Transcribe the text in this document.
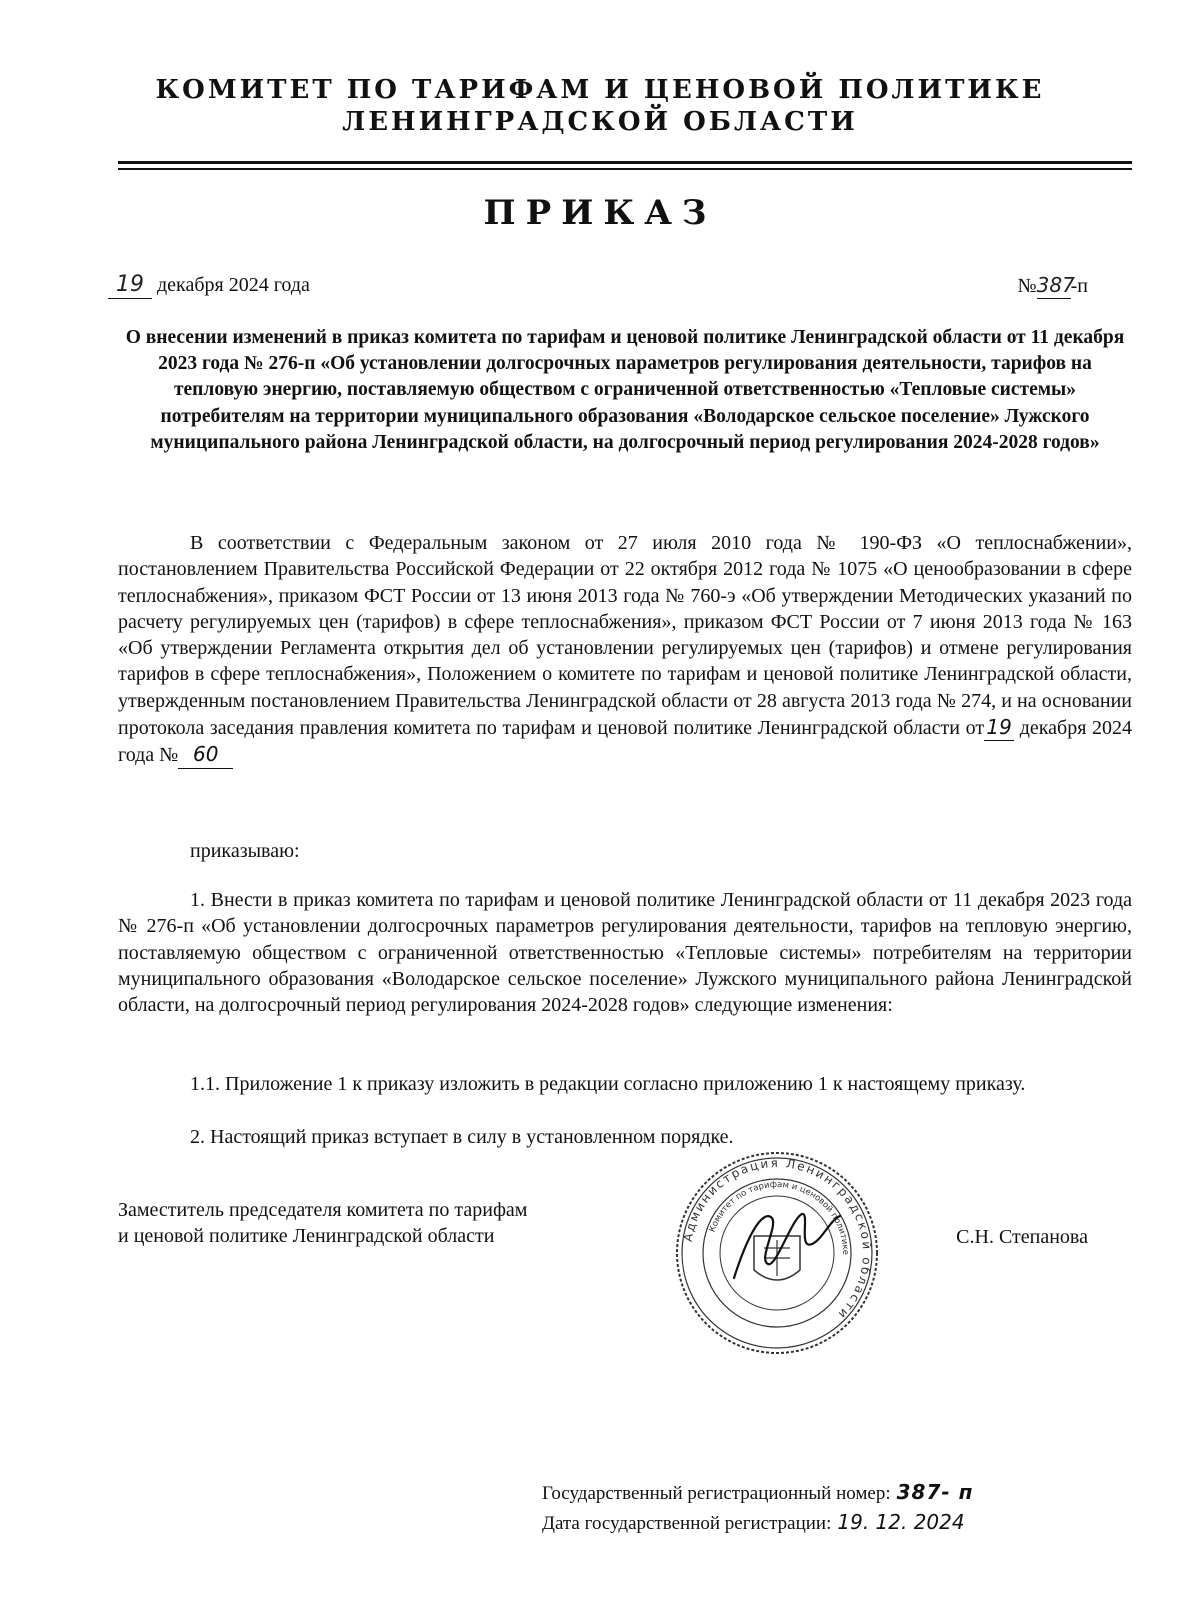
КОМИТЕТ ПО ТАРИФАМ И ЦЕНОВОЙ ПОЛИТИКЕ
ЛЕНИНГРАДСКОЙ ОБЛАСТИ
ПРИКАЗ
19 декабря 2024 года	№387-п
О внесении изменений в приказ комитета по тарифам и ценовой политике Ленинградской области от 11 декабря 2023 года № 276-п «Об установлении долгосрочных параметров регулирования деятельности, тарифов на тепловую энергию, поставляемую обществом с ограниченной ответственностью «Тепловые системы» потребителям на территории муниципального образования «Володарское сельское поселение» Лужского муниципального района Ленинградской области, на долгосрочный период регулирования 2024-2028 годов»
В соответствии с Федеральным законом от 27 июля 2010 года № 190-ФЗ «О теплоснабжении», постановлением Правительства Российской Федерации от 22 октября 2012 года № 1075 «О ценообразовании в сфере теплоснабжения», приказом ФСТ России от 13 июня 2013 года № 760-э «Об утверждении Методических указаний по расчету регулируемых цен (тарифов) в сфере теплоснабжения», приказом ФСТ России от 7 июня 2013 года № 163 «Об утверждении Регламента открытия дел об установлении регулируемых цен (тарифов) и отмене регулирования тарифов в сфере теплоснабжения», Положением о комитете по тарифам и ценовой политике Ленинградской области, утвержденным постановлением Правительства Ленинградской области от 28 августа 2013 года № 274, и на основании протокола заседания правления комитета по тарифам и ценовой политике Ленинградской области от 19 декабря 2024 года № 60
приказываю:
1. Внести в приказ комитета по тарифам и ценовой политике Ленинградской области от 11 декабря 2023 года № 276-п «Об установлении долгосрочных параметров регулирования деятельности, тарифов на тепловую энергию, поставляемую обществом с ограниченной ответственностью «Тепловые системы» потребителям на территории муниципального образования «Володарское сельское поселение» Лужского муниципального района Ленинградской области, на долгосрочный период регулирования 2024-2028 годов» следующие изменения:
1.1. Приложение 1 к приказу изложить в редакции согласно приложению 1 к настоящему приказу.
2. Настоящий приказ вступает в силу в установленном порядке.
Заместитель председателя комитета по тарифам
и ценовой политике Ленинградской области	Администрация Ленинградской области
Комитет по тарифам и ценовой политике
С.Н. Степанова
Государственный регистрационный номер: 387- п
Дата государственной регистрации: 19. 12. 2024
